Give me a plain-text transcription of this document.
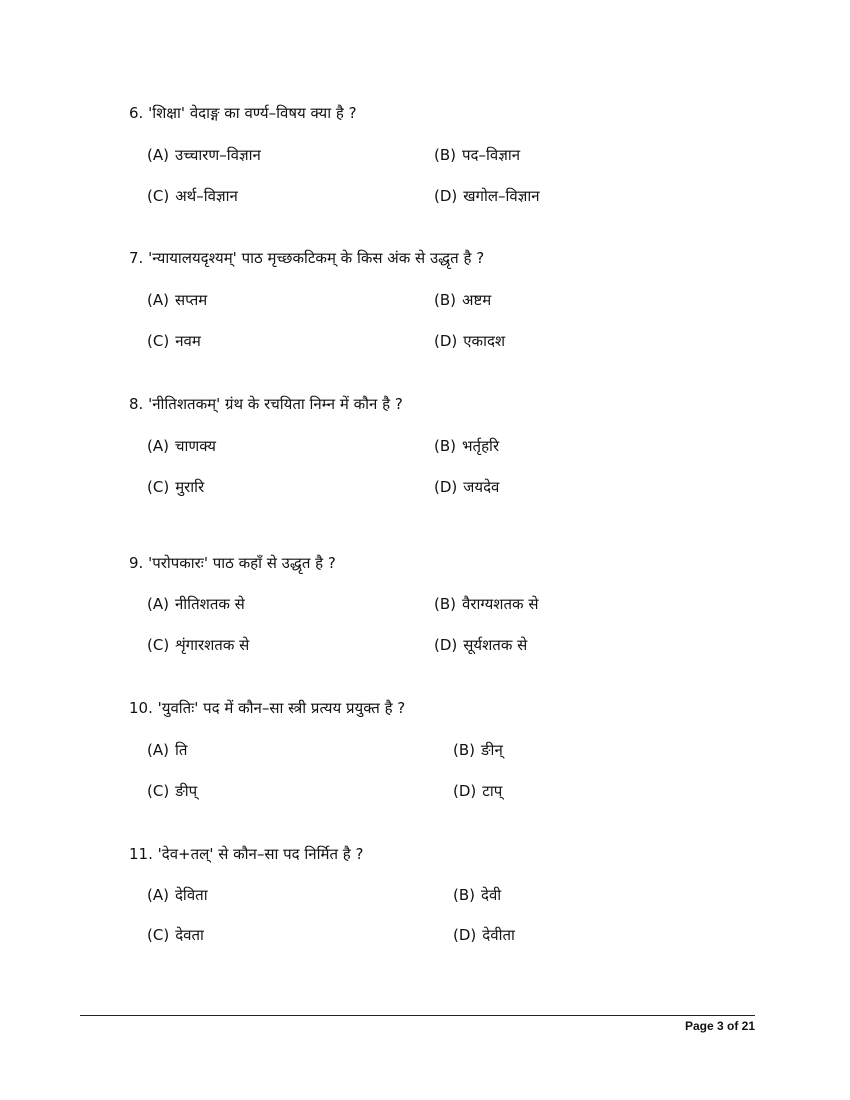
6. 'शिक्षा' वेदाङ्ग का वर्ण्य–विषय क्या है ?
(A) उच्चारण–विज्ञान	(B) पद–विज्ञान
(C) अर्थ–विज्ञान	(D) खगोल–विज्ञान
7. 'न्यायालयदृश्यम्' पाठ मृच्छकटिकम् के किस अंक से उद्धृत है ?
(A) सप्तम	(B) अष्टम
(C) नवम	(D) एकादश
8. 'नीतिशतकम्' ग्रंथ के रचयिता निम्न में कौन है ?
(A) चाणक्य	(B) भर्तृहरि
(C) मुरारि	(D) जयदेव
9. 'परोपकारः' पाठ कहाँ से उद्धृत है ?
(A) नीतिशतक से	(B) वैराग्यशतक से
(C) शृंगारशतक से	(D) सूर्यशतक से
10. 'युवतिः' पद में कौन–सा स्त्री प्रत्यय प्रयुक्त है ?
(A) ति	(B) ङीन्
(C) ङीप्	(D) टाप्
11. 'देव+तल्' से कौन–सा पद निर्मित है ?
(A) देविता	(B) देवी
(C) देवता	(D) देवीता
Page 3 of 21
